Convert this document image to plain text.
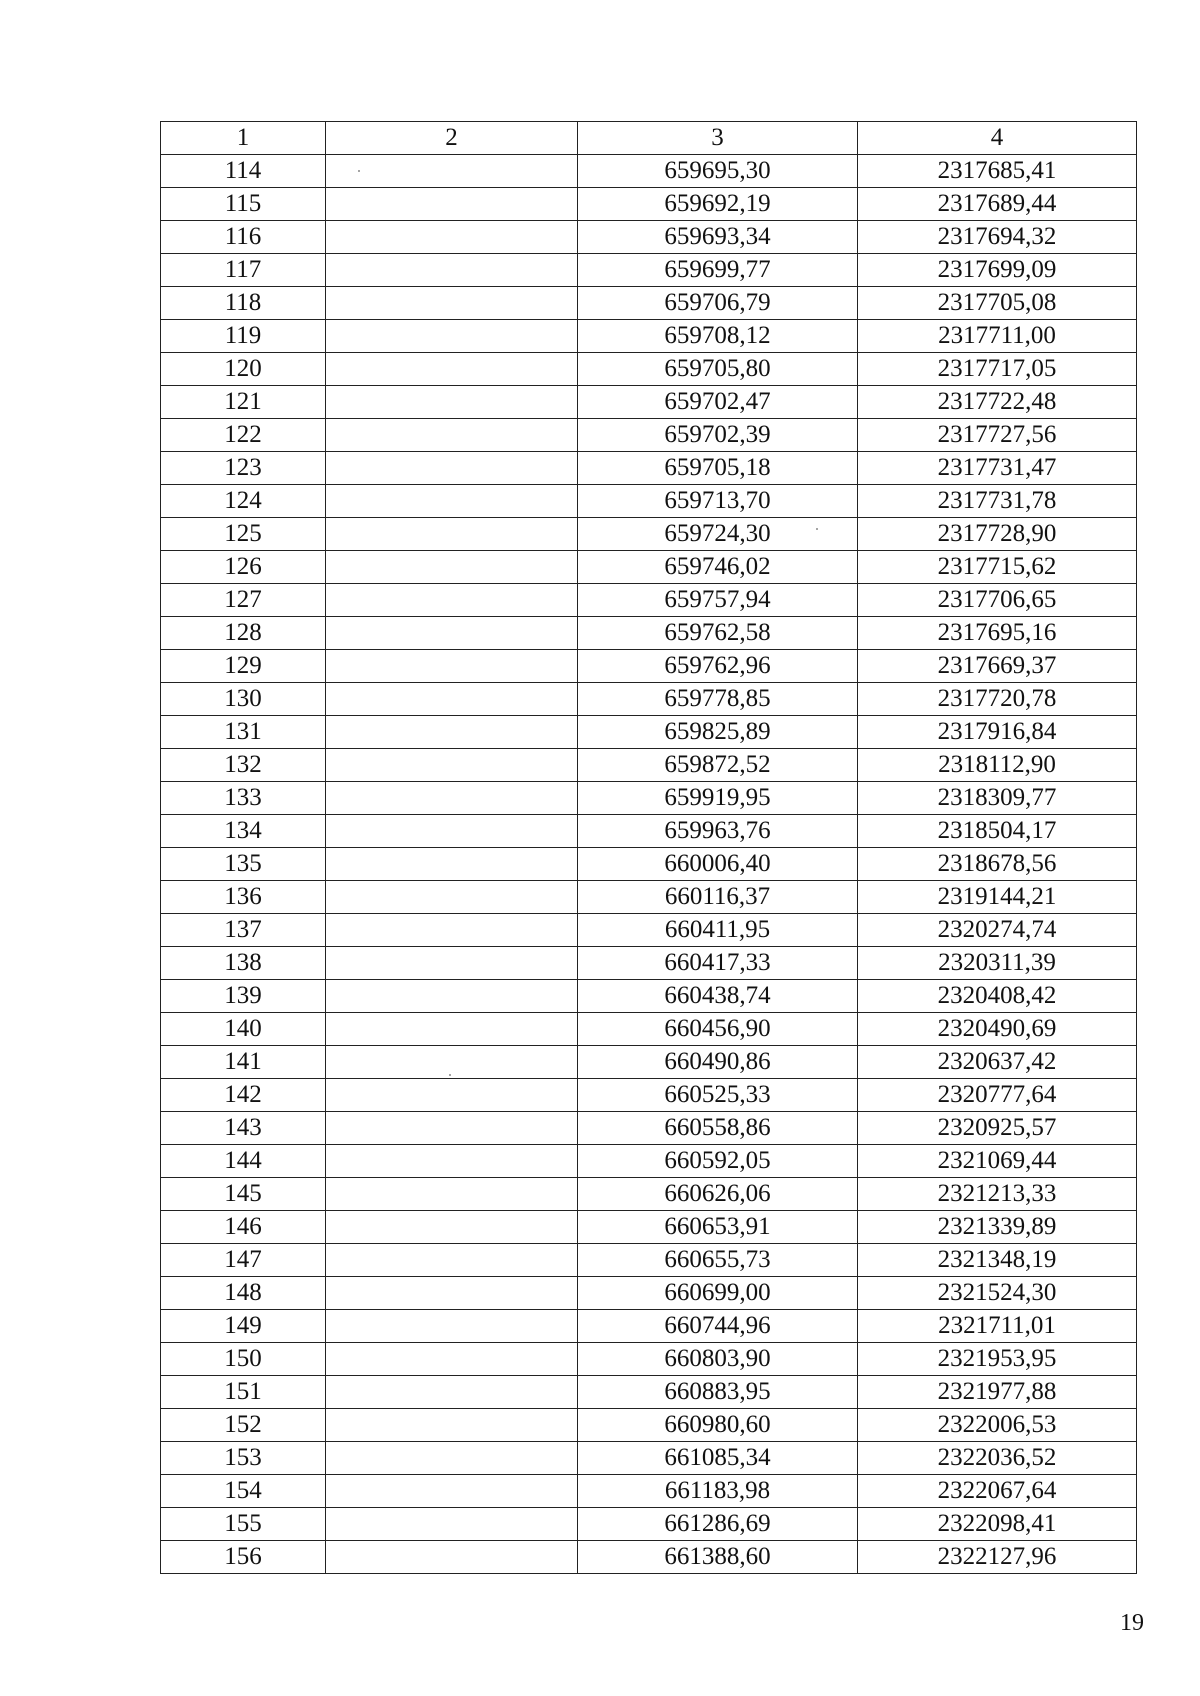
1	2	3	4
114		659695,30	2317685,41
115		659692,19	2317689,44
116		659693,34	2317694,32
117		659699,77	2317699,09
118		659706,79	2317705,08
119		659708,12	2317711,00
120		659705,80	2317717,05
121		659702,47	2317722,48
122		659702,39	2317727,56
123		659705,18	2317731,47
124		659713,70	2317731,78
125		659724,30	2317728,90
126		659746,02	2317715,62
127		659757,94	2317706,65
128		659762,58	2317695,16
129		659762,96	2317669,37
130		659778,85	2317720,78
131		659825,89	2317916,84
132		659872,52	2318112,90
133		659919,95	2318309,77
134		659963,76	2318504,17
135		660006,40	2318678,56
136		660116,37	2319144,21
137		660411,95	2320274,74
138		660417,33	2320311,39
139		660438,74	2320408,42
140		660456,90	2320490,69
141		660490,86	2320637,42
142		660525,33	2320777,64
143		660558,86	2320925,57
144		660592,05	2321069,44
145		660626,06	2321213,33
146		660653,91	2321339,89
147		660655,73	2321348,19
148		660699,00	2321524,30
149		660744,96	2321711,01
150		660803,90	2321953,95
151		660883,95	2321977,88
152		660980,60	2322006,53
153		661085,34	2322036,52
154		661183,98	2322067,64
155		661286,69	2322098,41
156		661388,60	2322127,96
19
